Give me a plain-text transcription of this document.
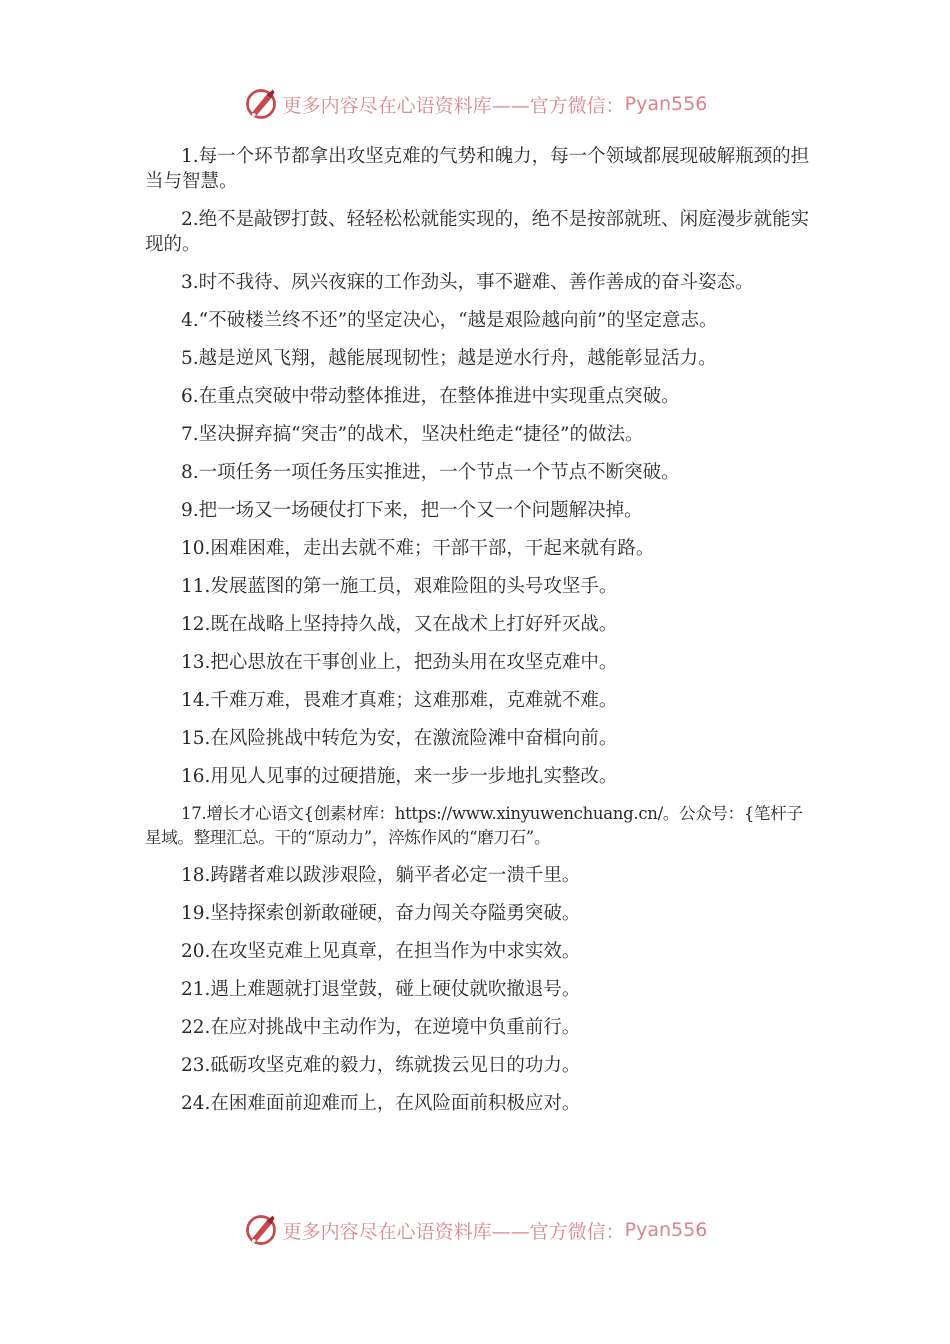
更多内容尽在心语资料库——官方微信： Pyan556

1.每一个环节都拿出攻坚克难的气势和魄力，每一个领域都展现破解瓶颈的担当与智慧。

2.绝不是敲锣打鼓、轻轻松松就能实现的，绝不是按部就班、闲庭漫步就能实现的。

3.时不我待、夙兴夜寐的工作劲头，事不避难、善作善成的奋斗姿态。

4.“不破楼兰终不还”的坚定决心，“越是艰险越向前”的坚定意志。

5.越是逆风飞翔，越能展现韧性；越是逆水行舟，越能彰显活力。

6.在重点突破中带动整体推进，在整体推进中实现重点突破。

7.坚决摒弃搞“突击”的战术，坚决杜绝走“捷径”的做法。

8.一项任务一项任务压实推进，一个节点一个节点不断突破。

9.把一场又一场硬仗打下来，把一个又一个问题解决掉。

10.困难困难，走出去就不难；干部干部，干起来就有路。

11.发展蓝图的第一施工员，艰难险阻的头号攻坚手。

12.既在战略上坚持持久战，又在战术上打好歼灭战。

13.把心思放在干事创业上，把劲头用在攻坚克难中。

14.千难万难，畏难才真难；这难那难，克难就不难。

15.在风险挑战中转危为安，在激流险滩中奋楫向前。

16.用见人见事的过硬措施，来一步一步地扎实整改。

17.增长才心语文{创素材库：https://www.xinyuwenchuang.cn/。公众号：{笔杆子星域。整理汇总。干的“原动力”，淬炼作风的“磨刀石”。

18.踌躇者难以跋涉艰险，躺平者必定一溃千里。

19.坚持探索创新敢碰硬，奋力闯关夺隘勇突破。

20.在攻坚克难上见真章，在担当作为中求实效。

21.遇上难题就打退堂鼓，碰上硬仗就吹撤退号。

22.在应对挑战中主动作为，在逆境中负重前行。

23.砥砺攻坚克难的毅力，练就拨云见日的功力。

24.在困难面前迎难而上，在风险面前积极应对。

更多内容尽在心语资料库——官方微信： Pyan556
